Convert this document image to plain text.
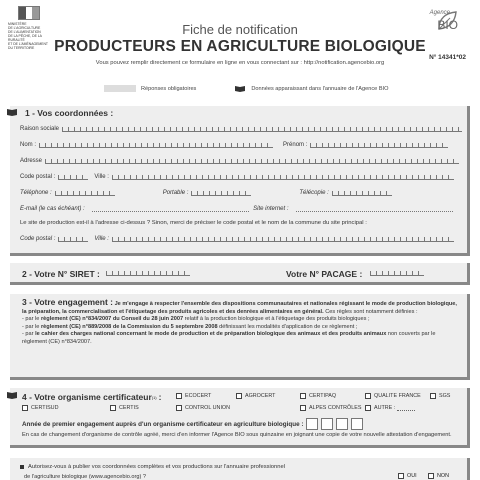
MINISTÈRE
DE L'AGRICULTURE
DE L'ALIMENTATION
DE LA PÊCHE, DE LA RURALITÉ
ET DE L'AMÉNAGEMENT
DU TERRITOIRE
Fiche de notification
PRODUCTEURS EN AGRICULTURE BIOLOGIQUE
Vous pouvez remplir directement ce formulaire en ligne en vous connectant sur : http://notification.agencebio.org
Agence
BIO
N° 14341*02
Réponses obligatoires	Données apparaissant dans l'annuaire de l'Agence BIO
1 - Vos coordonnées :
Raison sociale
Nom :	Prénom :
Adresse
Code postal :	Ville :
Téléphone :	Portable :	Télécopie :
E-mail (le cas échéant) :	Site internet :
Le site de production est-il à l'adresse ci-dessus ? Sinon, merci de préciser le code postal et le nom de la commune du site principal :
Code postal :	Ville :
2 - Votre N° SIRET :	Votre N° PACAGE :
3 - Votre engagement : Je m'engage à respecter l'ensemble des dispositions communautaires et nationales régissant le mode de production biologique, la préparation, la commercialisation et l'étiquetage des produits agricoles et des denrées alimentaires en général. Ces règles sont notamment définies :
- par le règlement (CE) n°834/2007 du Conseil du 28 juin 2007 relatif à la production biologique et à l'étiquetage des produits biologiques ;
- par le règlement (CE) n°889/2008 de la Commission du 5 septembre 2008 définissant les modalités d'application de ce règlement ;
- par le cahier des charges national concernant le mode de production et de préparation biologique des animaux et des produits animaux non couverts par le règlement (CE) n°834/2007.
4 - Votre organisme certificateur (1) :	ECOCERT	AGROCERT	CERTIPAQ	QUALITE FRANCE	SGS
CERTISUD	CERTIS	CONTROL UNION	ALPES CONTRÔLES AUTRE :
Année de premier engagement auprès d'un organisme certificateur en agriculture biologique :
En cas de changement d'organisme de contrôle agréé, merci d'en informer l'Agence BIO sous quinzaine en joignant une copie de votre nouvelle attestation d'engagement.
Autorisez-vous à publier vos coordonnées complètes et vos productions sur l'annuaire professionnel
de l'agriculture biologique (www.agencebio.org) ?	OUI	NON
